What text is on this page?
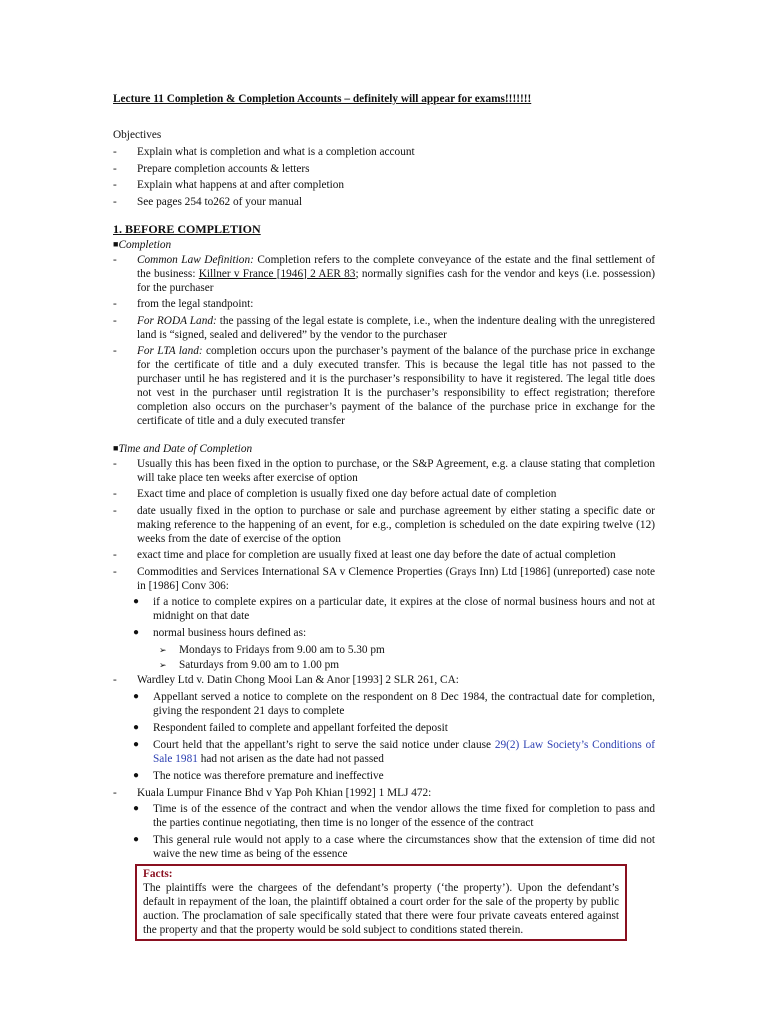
Lecture 11 Completion & Completion Accounts – definitely will appear for exams!!!!!!!
Objectives
-	Explain what is completion and what is a completion account
-	Prepare completion accounts & letters
-	Explain what happens at and after completion
-	See pages 254 to262 of your manual
1. BEFORE COMPLETION
■Completion
-	Common Law Definition: Completion refers to the complete conveyance of the estate and the final settlement of the business: Killner v France [1946] 2 AER 83; normally signifies cash for the vendor and keys (i.e. possession) for the purchaser
-	from the legal standpoint:
-	For RODA Land: the passing of the legal estate is complete, i.e., when the indenture dealing with the unregistered land is “signed, sealed and delivered” by the vendor to the purchaser
-	For LTA land: completion occurs upon the purchaser’s payment of the balance of the purchase price in exchange for the certificate of title and a duly executed transfer. This is because the legal title has not passed to the purchaser until he has registered and it is the purchaser’s responsibility to have it registered. The legal title does not vest in the purchaser until registration It is the purchaser’s responsibility to effect registration; therefore completion also occurs on the purchaser’s payment of the balance of the purchase price in exchange for the certificate of title and a duly executed transfer
■Time and Date of Completion
-	Usually this has been fixed in the option to purchase, or the S&P Agreement, e.g. a clause stating that completion will take place ten weeks after exercise of option
-	Exact time and place of completion is usually fixed one day before actual date of completion
-	date usually fixed in the option to purchase or sale and purchase agreement by either stating a specific date or making reference to the happening of an event, for e.g., completion is scheduled on the date expiring twelve (12) weeks from the date of exercise of the option
-	exact time and place for completion are usually fixed at least one day before the date of actual completion
-	Commodities and Services International SA v Clemence Properties (Grays Inn) Ltd [1986] (unreported) case note in [1986] Conv 306:
●	if a notice to complete expires on a particular date, it expires at the close of normal business hours and not at midnight on that date
●	normal business hours defined as:
➢	Mondays to Fridays from 9.00 am to 5.30 pm
➢	Saturdays from 9.00 am to 1.00 pm
-	Wardley Ltd v. Datin Chong Mooi Lan & Anor [1993] 2 SLR 261, CA:
●	Appellant served a notice to complete on the respondent on 8 Dec 1984, the contractual date for completion, giving the respondent 21 days to complete
●	Respondent failed to complete and appellant forfeited the deposit
●	Court held that the appellant’s right to serve the said notice under clause 29(2) Law Society’s Conditions of Sale 1981 had not arisen as the date had not passed
●	The notice was therefore premature and ineffective
-	Kuala Lumpur Finance Bhd v Yap Poh Khian [1992] 1 MLJ 472:
●	Time is of the essence of the contract and when the vendor allows the time fixed for completion to pass and the parties continue negotiating, then time is no longer of the essence of the contract
●	This general rule would not apply to a case where the circumstances show that the extension of time did not waive the new time as being of the essence
Facts:
The plaintiffs were the chargees of the defendant’s property (‘the property’). Upon the defendant’s default in repayment of the loan, the plaintiff obtained a court order for the sale of the property by public auction. The proclamation of sale specifically stated that there were four private caveats entered against the property and that the property would be sold subject to conditions stated therein.
